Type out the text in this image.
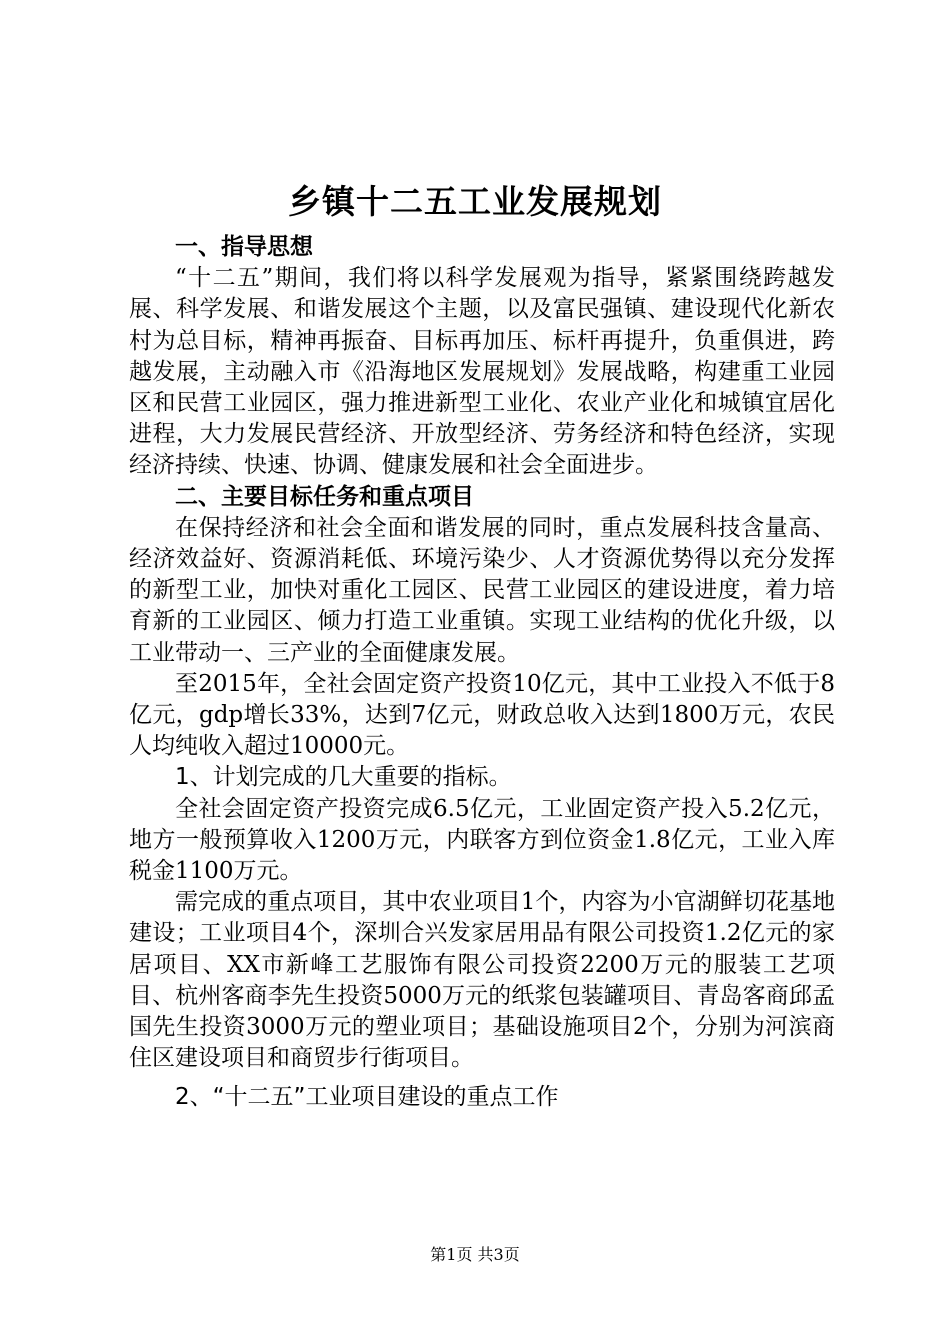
乡镇十二五工业发展规划
一、指导思想

“十二五”期间，我们将以科学发展观为指导，紧紧围绕跨越发展、科学发展、和谐发展这个主题，以及富民强镇、建设现代化新农村为总目标，精神再振奋、目标再加压、标杆再提升，负重俱进，跨越发展，主动融入市《沿海地区发展规划》发展战略，构建重工业园区和民营工业园区，强力推进新型工业化、农业产业化和城镇宜居化进程，大力发展民营经济、开放型经济、劳务经济和特色经济，实现经济持续、快速、协调、健康发展和社会全面进步。

二、主要目标任务和重点项目

在保持经济和社会全面和谐发展的同时，重点发展科技含量高、经济效益好、资源消耗低、环境污染少、人才资源优势得以充分发挥的新型工业，加快对重化工园区、民营工业园区的建设进度，着力培育新的工业园区、倾力打造工业重镇。实现工业结构的优化升级，以工业带动一、三产业的全面健康发展。

至2015年，全社会固定资产投资10亿元，其中工业投入不低于8亿元，gdp增长33%，达到7亿元，财政总收入达到1800万元，农民人均纯收入超过10000元。

1、计划完成的几大重要的指标。

全社会固定资产投资完成6.5亿元，工业固定资产投入5.2亿元，地方一般预算收入1200万元，内联客方到位资金1.8亿元，工业入库税金1100万元。

需完成的重点项目，其中农业项目1个，内容为小官湖鲜切花基地建设；工业项目4个，深圳合兴发家居用品有限公司投资1.2亿元的家居项目、XX市新峰工艺服饰有限公司投资2200万元的服装工艺项目、杭州客商李先生投资5000万元的纸浆包装罐项目、青岛客商邱孟国先生投资3000万元的塑业项目；基础设施项目2个，分别为河滨商住区建设项目和商贸步行街项目。

2、“十二五”工业项目建设的重点工作
第1页 共3页
